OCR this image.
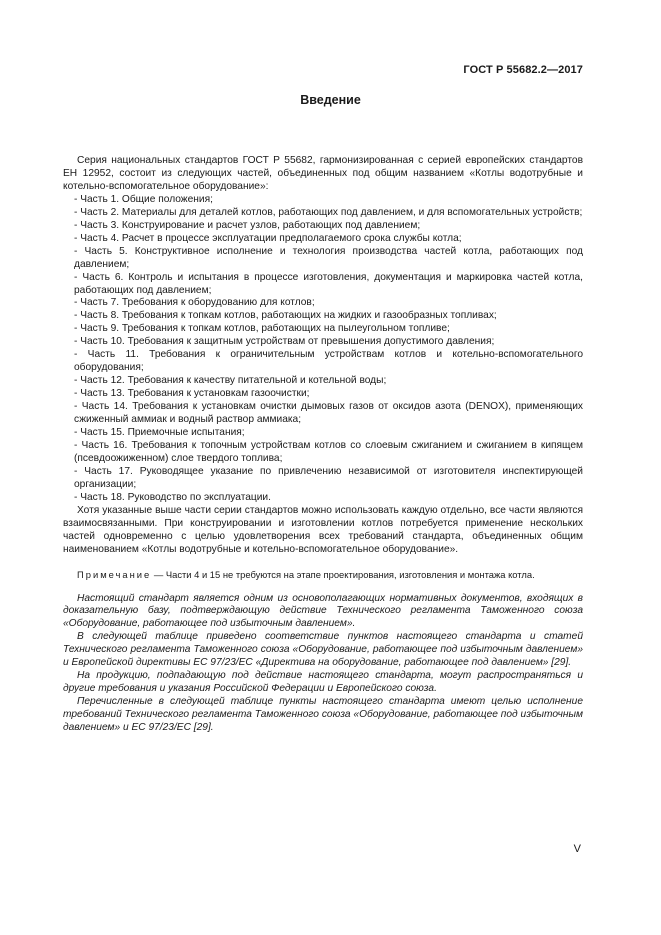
ГОСТ Р 55682.2—2017
Введение

Серия национальных стандартов ГОСТ Р 55682, гармонизированная с серией европейских стандартов ЕН 12952, состоит из следующих частей, объединенных под общим названием «Котлы водотрубные и котельно-вспомогательное оборудование»:

- Часть 1. Общие положения;

- Часть 2. Материалы для деталей котлов, работающих под давлением, и для вспомогательных устройств;

- Часть 3. Конструирование и расчет узлов, работающих под давлением;

- Часть 4. Расчет в процессе эксплуатации предполагаемого срока службы котла;

- Часть 5. Конструктивное исполнение и технология производства частей котла, работающих под давлением;

- Часть 6. Контроль и испытания в процессе изготовления, документация и маркировка частей котла, работающих под давлением;

- Часть 7. Требования к оборудованию для котлов;

- Часть 8. Требования к топкам котлов, работающих на жидких и газообразных топливах;

- Часть 9. Требования к топкам котлов, работающих на пылеугольном топливе;

- Часть 10. Требования к защитным устройствам от превышения допустимого давления;

- Часть 11. Требования к ограничительным устройствам котлов и котельно-вспомогательного оборудования;

- Часть 12. Требования к качеству питательной и котельной воды;

- Часть 13. Требования к установкам газоочистки;

- Часть 14. Требования к установкам очистки дымовых газов от оксидов азота (DENOX), применяющих сжиженный аммиак и водный раствор аммиака;

- Часть 15. Приемочные испытания;

- Часть 16. Требования к топочным устройствам котлов со слоевым сжиганием и сжиганием в кипящем (псевдоожиженном) слое твердого топлива;

- Часть 17. Руководящее указание по привлечению независимой от изготовителя инспектирующей организации;

- Часть 18. Руководство по эксплуатации.

Хотя указанные выше части серии стандартов можно использовать каждую отдельно, все части являются взаимосвязанными. При конструировании и изготовлении котлов потребуется применение нескольких частей одновременно с целью удовлетворения всех требований стандарта, объединенных общим наименованием «Котлы водотрубные и котельно-вспомогательное оборудование».

Примечание — Части 4 и 15 не требуются на этапе проектирования, изготовления и монтажа котла.

Настоящий стандарт является одним из основополагающих нормативных документов, входящих в доказательную базу, подтверждающую действие Технического регламента Таможенного союза «Оборудование, работающее под избыточным давлением».

В следующей таблице приведено соответствие пунктов настоящего стандарта и статей Технического регламента Таможенного союза «Оборудование, работающее под избыточным давлением» и Европейской директивы ЕС 97/23/ЕС «Директива на оборудование, работающее под давлением» [29].

На продукцию, подпадающую под действие настоящего стандарта, могут распространяться и другие требования и указания Российской Федерации и Европейского союза.

Перечисленные в следующей таблице пункты настоящего стандарта имеют целью исполнение требований Технического регламента Таможенного союза «Оборудование, работающее под избыточным давлением» и ЕС 97/23/ЕС [29].

V
